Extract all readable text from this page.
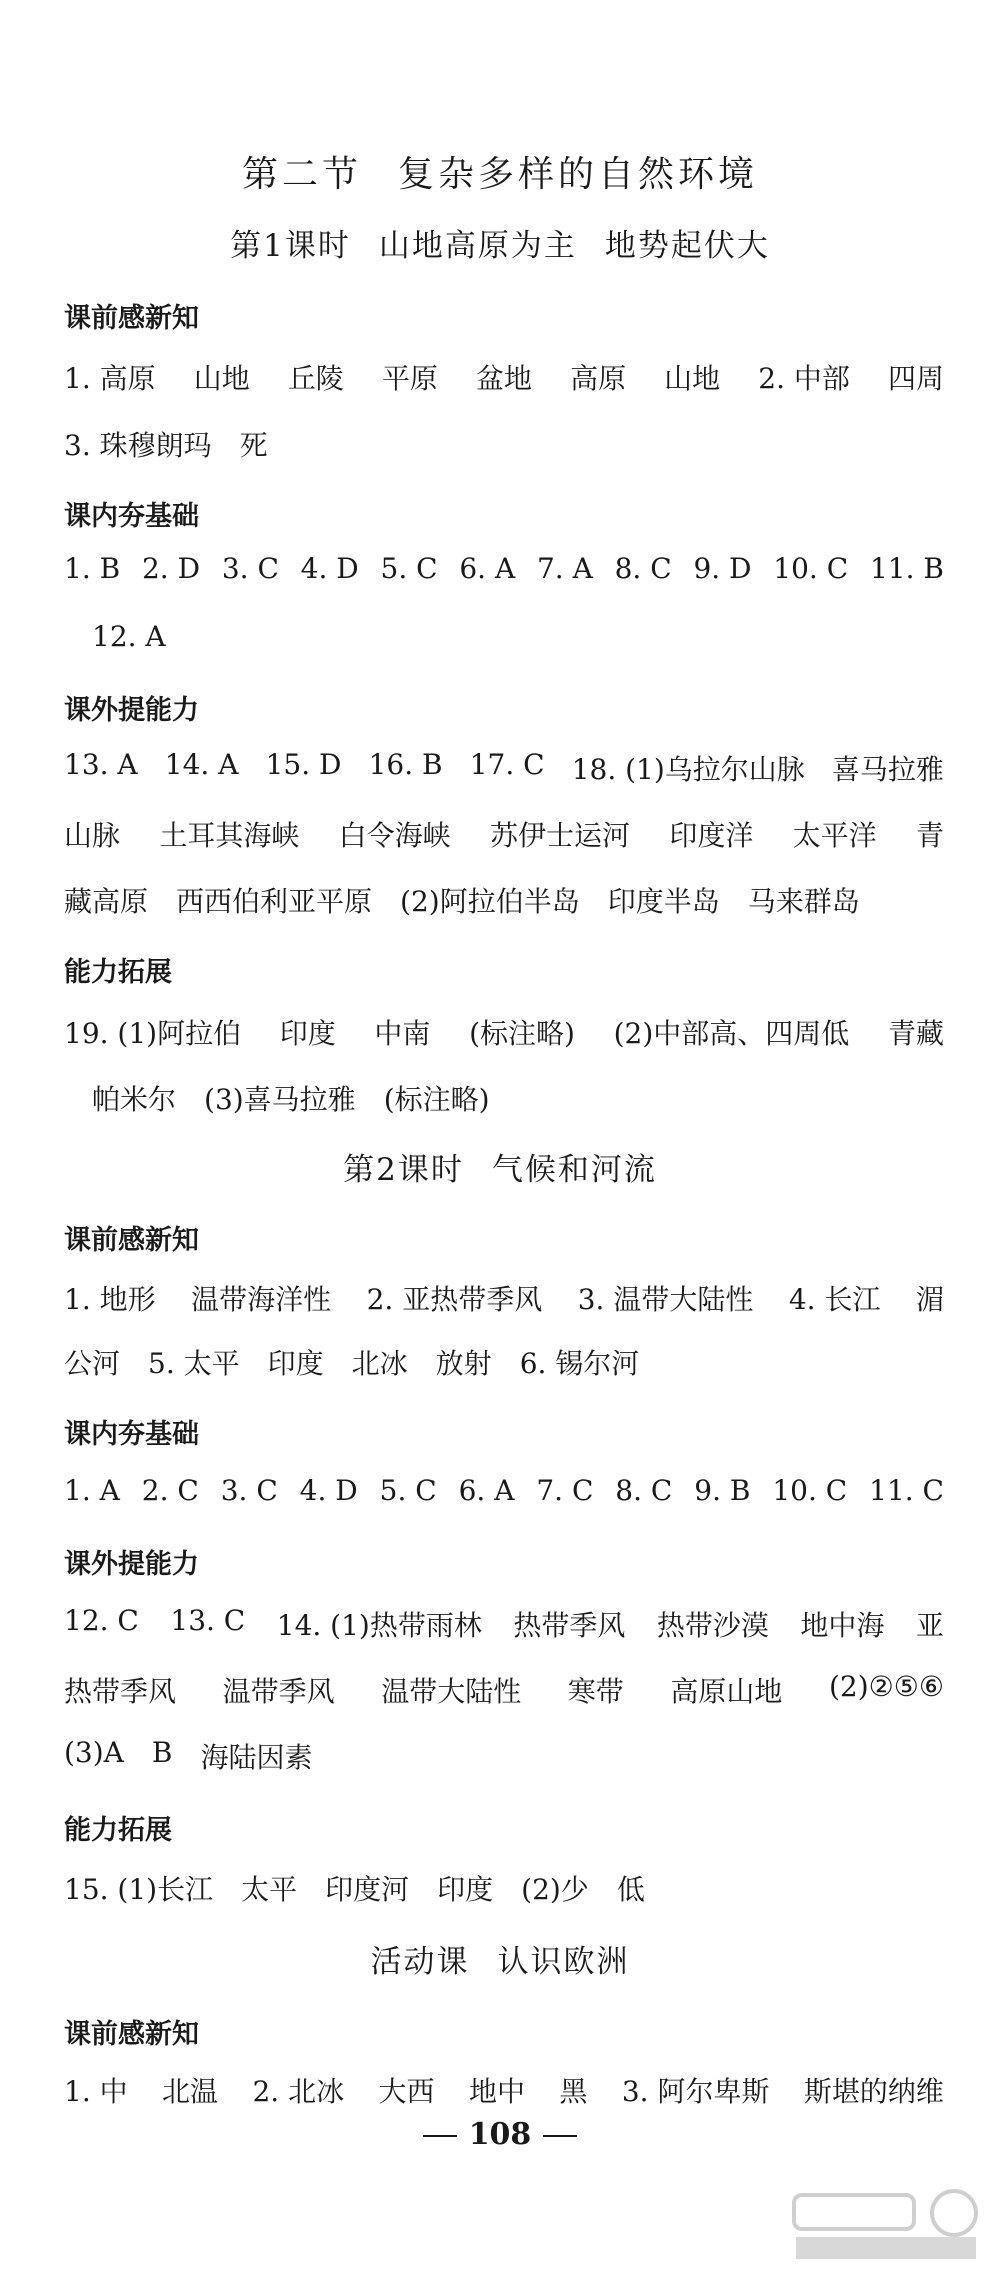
第二节 复杂多样的自然环境
第1课时 山地高原为主 地势起伏大
课前感新知
1. 高原 山地 丘陵 平原 盆地 高原 山地 2. 中部 四周
3. 珠穆朗玛 死
课内夯基础
1. B 2. D 3. C 4. D 5. C 6. A 7. A 8. C 9. D 10. C 11. B
12. A
课外提能力
13. A 14. A 15. D 16. B 17. C 18. (1)乌拉尔山脉 喜马拉雅
山脉 土耳其海峡 白令海峡 苏伊士运河 印度洋 太平洋 青
藏高原 西西伯利亚平原 (2)阿拉伯半岛 印度半岛 马来群岛
能力拓展
19. (1)阿拉伯 印度 中南 (标注略) (2)中部高、四周低 青藏
帕米尔 (3)喜马拉雅 (标注略)
第2课时 气候和河流
课前感新知
1. 地形 温带海洋性 2. 亚热带季风 3. 温带大陆性 4. 长江 湄
公河 5. 太平 印度 北冰 放射 6. 锡尔河
课内夯基础
1. A 2. C 3. C 4. D 5. C 6. A 7. C 8. C 9. B 10. C 11. C
课外提能力
12. C 13. C 14. (1)热带雨林 热带季风 热带沙漠 地中海 亚
热带季风 温带季风 温带大陆性 寒带 高原山地 (2)②⑤⑥
(3)A B 海陆因素
能力拓展
15. (1)长江 太平 印度河 印度 (2)少 低
活动课 认识欧洲
课前感新知
1. 中 北温 2. 北冰 大西 地中 黑 3. 阿尔卑斯 斯堪的纳维
108
